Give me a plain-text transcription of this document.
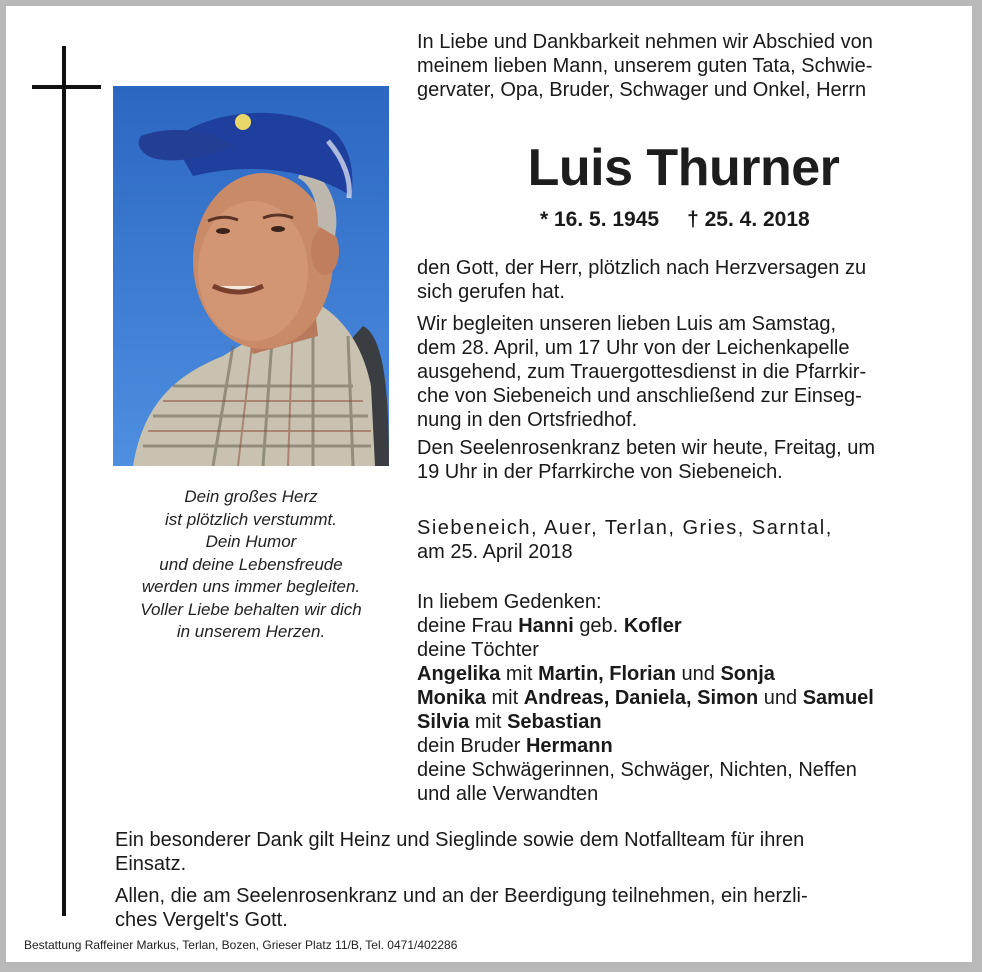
Dein großes Herz
ist plötzlich verstummt.
Dein Humor
und deine Lebensfreude
werden uns immer begleiten.
Voller Liebe behalten wir dich
in unserem Herzen.
In Liebe und Dankbarkeit nehmen wir Abschied von
meinem lieben Mann, unserem guten Tata, Schwie-
gervater, Opa, Bruder, Schwager und Onkel, Herrn
Luis Thurner
* 16. 5. 1945 † 25. 4. 2018
den Gott, der Herr, plötzlich nach Herzversagen zu
sich gerufen hat.
Wir begleiten unseren lieben Luis am Samstag,
dem 28. April, um 17 Uhr von der Leichenkapelle
ausgehend, zum Trauergottesdienst in die Pfarrkir-
che von Siebeneich und anschließend zur Einseg-
nung in den Ortsfriedhof.
Den Seelenrosenkranz beten wir heute, Freitag, um
19 Uhr in der Pfarrkirche von Siebeneich.
Siebeneich, Auer, Terlan, Gries, Sarntal,
am 25. April 2018
In liebem Gedenken:
deine Frau Hanni geb. Kofler
deine Töchter
Angelika mit Martin, Florian und Sonja
Monika mit Andreas, Daniela, Simon und Samuel
Silvia mit Sebastian
dein Bruder Hermann
deine Schwägerinnen, Schwäger, Nichten, Neffen
und alle Verwandten
Ein besonderer Dank gilt Heinz und Sieglinde sowie dem Notfallteam für ihren
Einsatz.
Allen, die am Seelenrosenkranz und an der Beerdigung teilnehmen, ein herzli-
ches Vergelt's Gott.
Bestattung Raffeiner Markus, Terlan, Bozen, Grieser Platz 11/B, Tel. 0471/402286
